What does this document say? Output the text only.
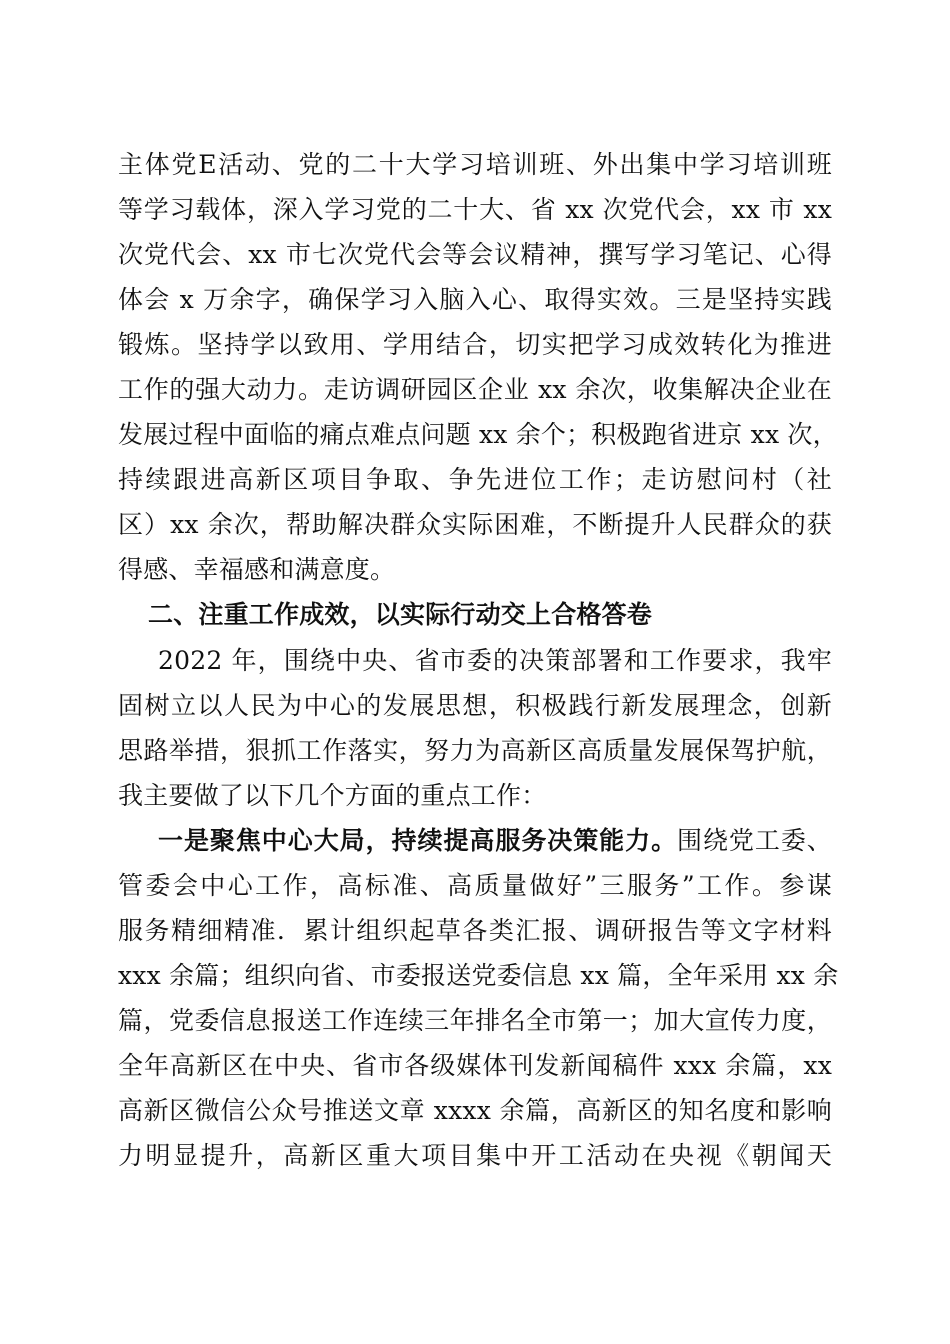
主体党E活动、党的二十大学习培训班、外出集中学习培训班
等学习载体，深入学习党的二十大、省 xx 次党代会，xx 市 xx
次党代会、xx 市七次党代会等会议精神，撰写学习笔记、心得
体会 x 万余字，确保学习入脑入心、取得实效。三是坚持实践
锻炼。坚持学以致用、学用结合，切实把学习成效转化为推进
工作的强大动力。走访调研园区企业 xx 余次，收集解决企业在
发展过程中面临的痛点难点问题 xx 余个；积极跑省进京 xx 次，
持续跟进高新区项目争取、争先进位工作；走访慰问村（社
区）xx 余次，帮助解决群众实际困难，不断提升人民群众的获
得感、幸福感和满意度。
二、注重工作成效，以实际行动交上合格答卷
2022 年，围绕中央、省市委的决策部署和工作要求，我牢
固树立以人民为中心的发展思想，积极践行新发展理念，创新
思路举措，狠抓工作落实，努力为高新区高质量发展保驾护航，
我主要做了以下几个方面的重点工作：
一是聚焦中心大局，持续提高服务决策能力。围绕党工委、
管委会中心工作，高标准、高质量做好”三服务”工作。参谋
服务精细精准．累计组织起草各类汇报、调研报告等文字材料
xxx 余篇；组织向省、市委报送党委信息 xx 篇，全年采用 xx 余
篇，党委信息报送工作连续三年排名全市第一；加大宣传力度，
全年高新区在中央、省市各级媒体刊发新闻稿件 xxx 余篇，xx
高新区微信公众号推送文章 xxxx 余篇，高新区的知名度和影响
力明显提升，高新区重大项目集中开工活动在央视《朝闻天
